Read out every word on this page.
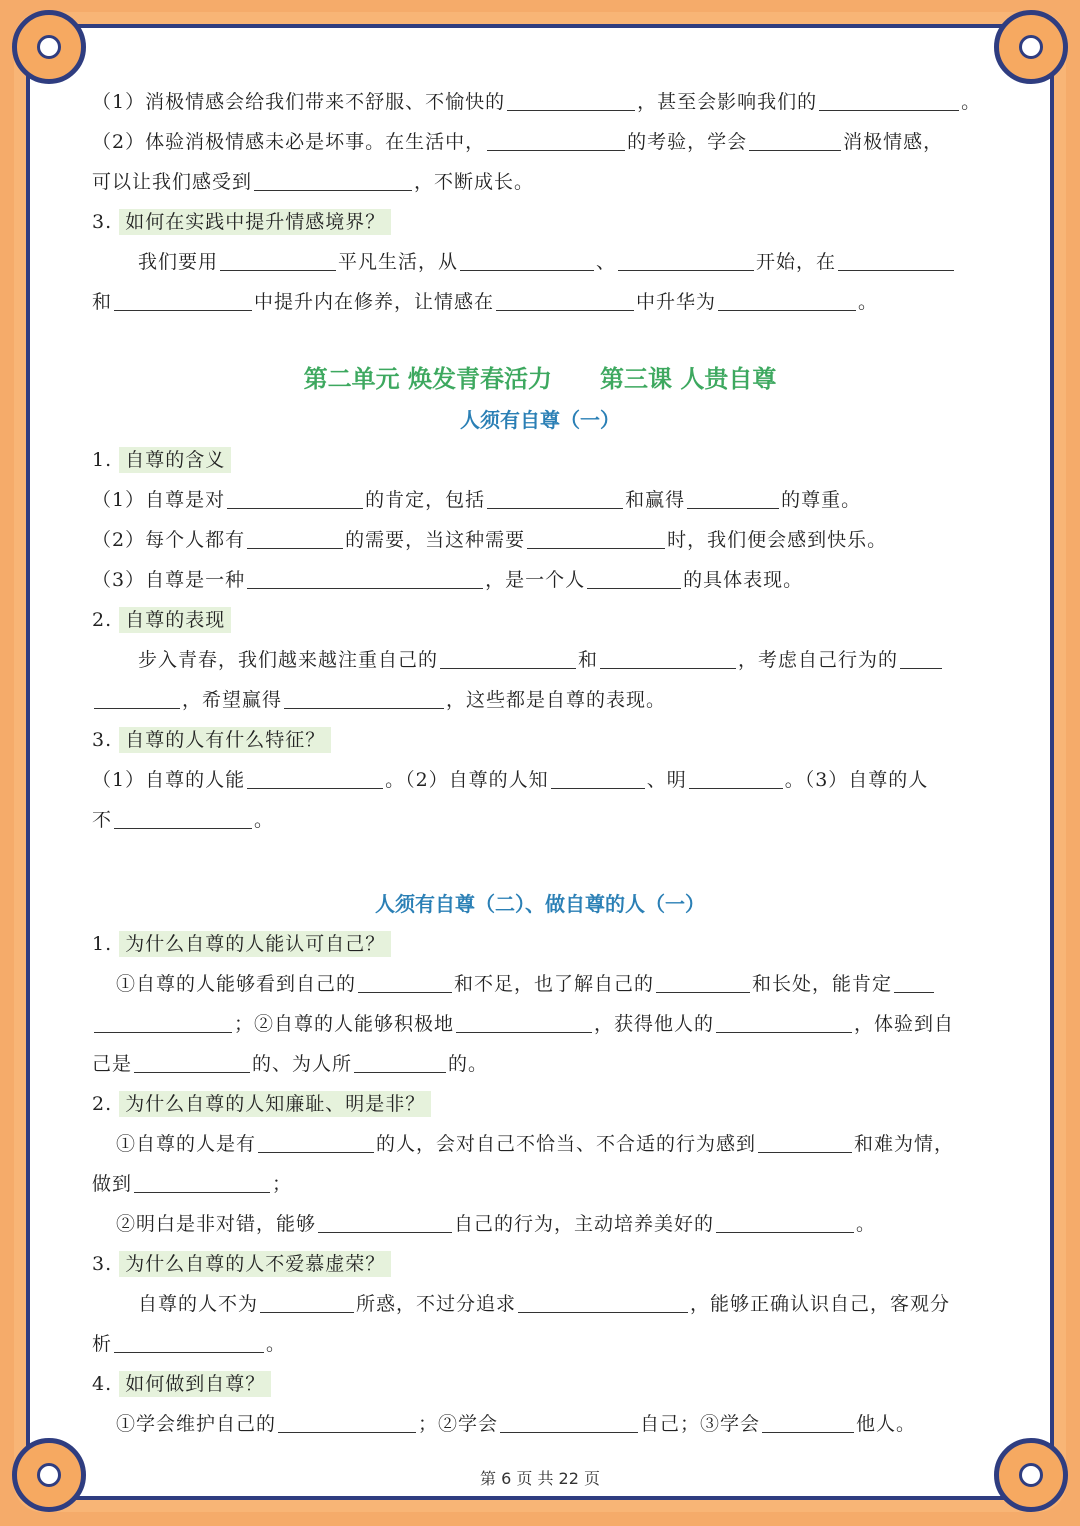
（1）消极情感会给我们带来不舒服、不愉快的	，甚至会影响我们的	。
（2）体验消极情感未必是坏事。在生活中，	的考验，学会	消极情感，
可以让我们感受到	，不断成长。
3. 如何在实践中提升情感境界？
我们要用	平凡生活，从	、	开始，在
和	中提升内在修养，让情感在	中升华为	。
第二单元 焕发青春活力 第三课 人贵自尊
人须有自尊（一）
1. 自尊的含义
（1）自尊是对	的肯定，包括	和赢得	的尊重。
（2）每个人都有	的需要，当这种需要	时，我们便会感到快乐。
（3）自尊是一种	，是一个人	的具体表现。
2. 自尊的表现
步入青春，我们越来越注重自己的	和	，考虑自己行为的
，希望赢得	，这些都是自尊的表现。
3. 自尊的人有什么特征？
（1）自尊的人能	。（2）自尊的人知	、明	。（3）自尊的人
不	。
人须有自尊（二）、做自尊的人（一）
1. 为什么自尊的人能认可自己？
①自尊的人能够看到自己的	和不足，也了解自己的	和长处，能肯定
；②自尊的人能够积极地	，获得他人的	，体验到自
己是	的、为人所	的。
2. 为什么自尊的人知廉耻、明是非？
①自尊的人是有	的人，会对自己不恰当、不合适的行为感到	和难为情，
做到	；
②明白是非对错，能够	自己的行为，主动培养美好的	。
3. 为什么自尊的人不爱慕虚荣？
自尊的人不为	所惑，不过分追求	，能够正确认识自己，客观分
析	。
4. 如何做到自尊？
①学会维护自己的	；②学会	自己；③学会	他人。
第 6 页 共 22 页
